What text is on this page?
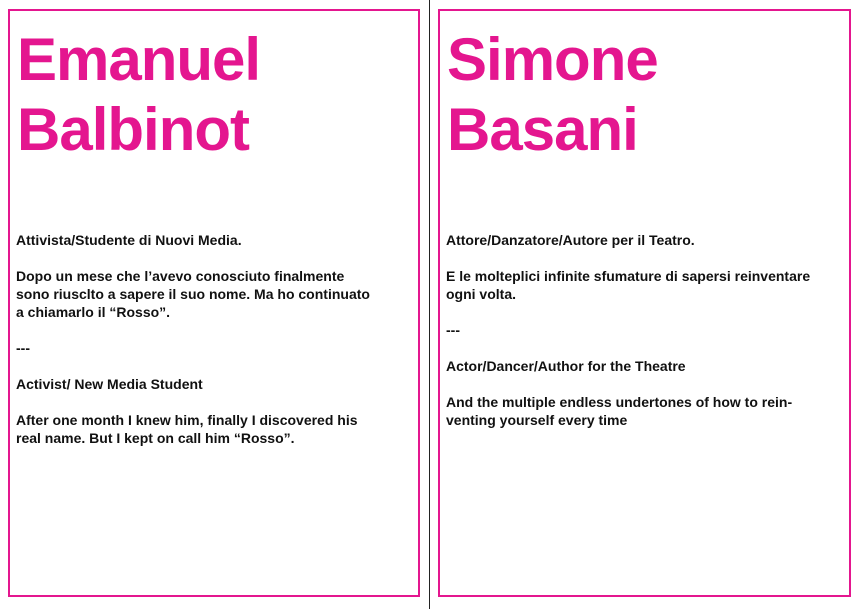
Emanuel
Balbinot

Attivista/Studente di Nuovi Media.

Dopo un mese che l’avevo conosciuto finalmente
sono riusclto a sapere il suo nome. Ma ho continuato
a chiamarlo il “Rosso”.

---

Activist/ New Media Student

After one month I knew him, finally I discovered his
real name. But I kept on call him “Rosso”.

Simone
Basani

Attore/Danzatore/Autore per il Teatro.

E le molteplici infinite sfumature di sapersi reinventare
ogni volta.

---

Actor/Dancer/Author for the Theatre

And the multiple endless undertones of how to rein-
venting yourself every time
